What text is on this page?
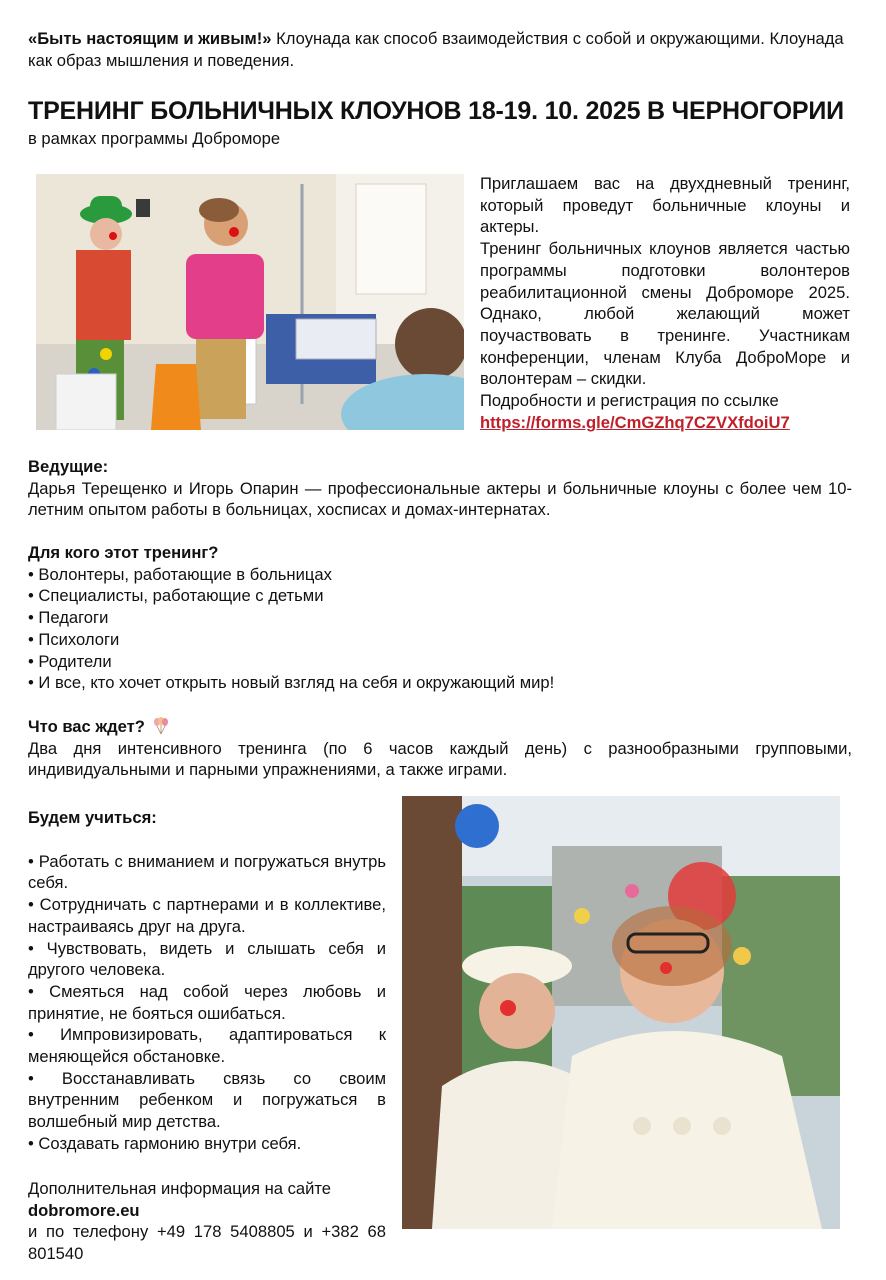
«Быть настоящим и живым!» Клоунада как способ взаимодействия с собой и окружающими. Клоунада как образ мышления и поведения.
ТРЕНИНГ БОЛЬНИЧНЫХ КЛОУНОВ 18-19. 10. 2025 В ЧЕРНОГОРИИ
в рамках программы Доброморе
Приглашаем вас на двухдневный тренинг, который проведут больничные клоуны и актеры.
Тренинг больничных клоунов является частью программы подготовки волонтеров реабилитационной смены Доброморе 2025. Однако, любой желающий может поучаствовать в тренинге. Участникам конференции, членам Клуба ДоброМоре и волонтерам – скидки.
Подробности и регистрация по ссылке
https://forms.gle/CmGZhq7CZVXfdoiU7
Ведущие:
Дарья Терещенко и Игорь Опарин — профессиональные актеры и больничные клоуны с более чем 10-летним опытом работы в больницах, хосписах и домах-интернатах.
Для кого этот тренинг?
• Волонтеры, работающие в больницах
• Специалисты, работающие с детьми
• Педагоги
• Психологи
• Родители
• И все, кто хочет открыть новый взгляд на себя и окружающий мир!
Что вас ждет?
Два дня интенсивного тренинга (по 6 часов каждый день) с разнообразными групповыми, индивидуальными и парными упражнениями, а также играми.
Будем учиться:
• Работать с вниманием и погружаться внутрь себя.
• Сотрудничать с партнерами и в коллективе, настраиваясь друг на друга.
• Чувствовать, видеть и слышать себя и другого человека.
• Смеяться над собой через любовь и принятие, не бояться ошибаться.
• Импровизировать, адаптироваться к меняющейся обстановке.
• Восстанавливать связь со своим внутренним ребенком и погружаться в волшебный мир детства.
• Создавать гармонию внутри себя.
Дополнительная информация на сайте
dobromore.eu
и по телефону +49 178 5408805 и +382 68 801540
